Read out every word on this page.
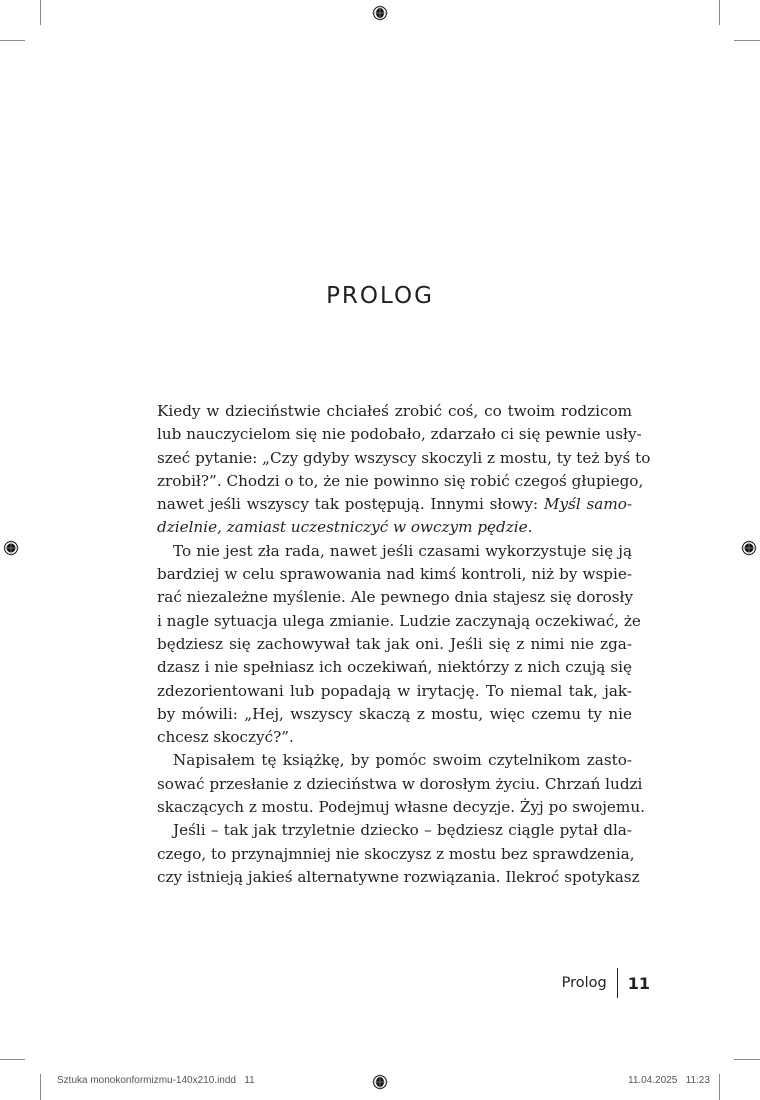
PROLOG
Kiedy w dzieciństwie chciałeś zrobić coś, co twoim rodzicom
lub nauczycielom się nie podobało, zdarzało ci się pewnie usły-
szeć pytanie: „Czy gdyby wszyscy skoczyli z mostu, ty też byś to
zrobił?”. Chodzi o to, że nie powinno się robić czegoś głupiego,
nawet jeśli wszyscy tak postępują. Innymi słowy: Myśl samo-
dzielnie, zamiast uczestniczyć w owczym pędzie.
To nie jest zła rada, nawet jeśli czasami wykorzystuje się ją
bardziej w celu sprawowania nad kimś kontroli, niż by wspie-
rać niezależne myślenie. Ale pewnego dnia stajesz się dorosły
i nagle sytuacja ulega zmianie. Ludzie zaczynają oczekiwać, że
będziesz się zachowywał tak jak oni. Jeśli się z nimi nie zga-
dzasz i nie spełniasz ich oczekiwań, niektórzy z nich czują się
zdezorientowani lub popadają w irytację. To niemal tak, jak-
by mówili: „Hej, wszyscy skaczą z mostu, więc czemu ty nie
chcesz skoczyć?”.
Napisałem tę książkę, by pomóc swoim czytelnikom zasto-
sować przesłanie z dzieciństwa w dorosłym życiu. Chrzań ludzi
skaczących z mostu. Podejmuj własne decyzje. Żyj po swojemu.
Jeśli – tak jak trzyletnie dziecko – będziesz ciągle pytał dla-
czego, to przynajmniej nie skoczysz z mostu bez sprawdzenia,
czy istnieją jakieś alternatywne rozwiązania. Ilekroć spotykasz
Prolog 11
Sztuka monokonformizmu-140x210.indd   11	11.04.2025   11:23
